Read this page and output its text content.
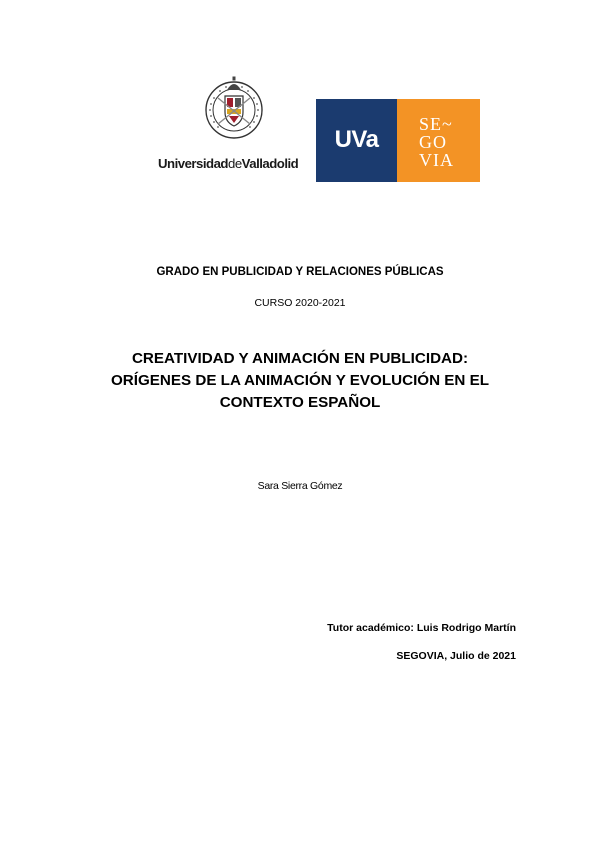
UniversidaddeValladolid
UVa
SE~
GO
VIA
GRADO EN PUBLICIDAD Y RELACIONES PÚBLICAS
CURSO 2020-2021
CREATIVIDAD Y ANIMACIÓN EN PUBLICIDAD:
ORÍGENES DE LA ANIMACIÓN Y EVOLUCIÓN EN EL
CONTEXTO ESPAÑOL
Sara Sierra Gómez
Tutor académico: Luis Rodrigo Martín
SEGOVIA, Julio de 2021
